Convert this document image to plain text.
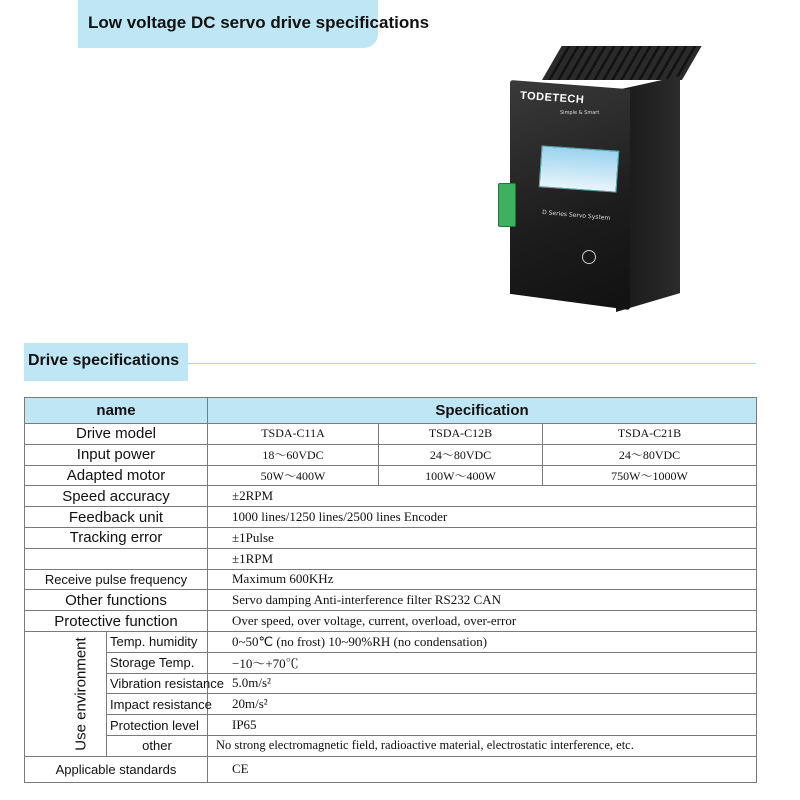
Low voltage DC servo drive specifications
TODETECH
Simple & Smart
D Series Servo System
Drive specifications
name		Specification		
Drive model		TSDA-C11A	TSDA-C12B	TSDA-C21B
Input power		18～60VDC	24～80VDC	24～80VDC
Adapted motor		50W～400W	100W～400W	750W～1000W
Speed accuracy		±2RPM		
Feedback unit		1000 lines/1250 lines/2500 lines Encoder		
Tracking error		±1Pulse		
		±1RPM		
Receive pulse frequency		Maximum 600KHz		
Other functions		Servo damping Anti-interference filter RS232 CAN		
Protective function		Over speed, over voltage, current, overload, over-error		
Use environment	Temp. humidity	0~50℃ (no frost) 10~90%RH (no condensation)		
	Storage Temp.	−10～+70℃		
	Vibration resistance	5.0m/s²		
	Impact resistance	20m/s²		
	Protection level	IP65		
	other	No strong electromagnetic field, radioactive material, electrostatic interference, etc.		
Applicable standards		CE		
